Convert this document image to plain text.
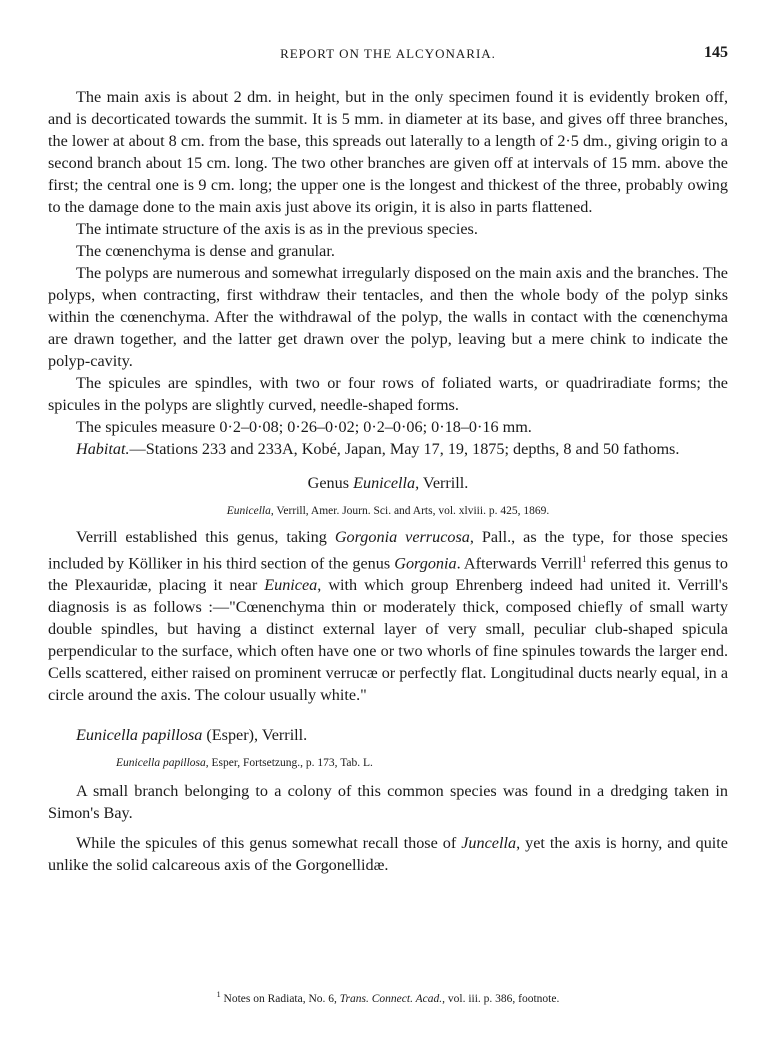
REPORT ON THE ALCYONARIA.	145

The main axis is about 2 dm. in height, but in the only specimen found it is evidently broken off, and is decorticated towards the summit. It is 5 mm. in diameter at its base, and gives off three branches, the lower at about 8 cm. from the base, this spreads out laterally to a length of 2·5 dm., giving origin to a second branch about 15 cm. long. The two other branches are given off at intervals of 15 mm. above the first; the central one is 9 cm. long; the upper one is the longest and thickest of the three, probably owing to the damage done to the main axis just above its origin, it is also in parts flattened.

The intimate structure of the axis is as in the previous species.

The cœnenchyma is dense and granular.

The polyps are numerous and somewhat irregularly disposed on the main axis and the branches. The polyps, when contracting, first withdraw their tentacles, and then the whole body of the polyp sinks within the cœnenchyma. After the withdrawal of the polyp, the walls in contact with the cœnenchyma are drawn together, and the latter get drawn over the polyp, leaving but a mere chink to indicate the polyp-cavity.

The spicules are spindles, with two or four rows of foliated warts, or quadriradiate forms; the spicules in the polyps are slightly curved, needle-shaped forms.

The spicules measure 0·2–0·08; 0·26–0·02; 0·2–0·06; 0·18–0·16 mm.

Habitat.—Stations 233 and 233A, Kobé, Japan, May 17, 19, 1875; depths, 8 and 50 fathoms.

Genus Eunicella, Verrill.

Eunicella, Verrill, Amer. Journ. Sci. and Arts, vol. xlviii. p. 425, 1869.

Verrill established this genus, taking Gorgonia verrucosa, Pall., as the type, for those species included by Kölliker in his third section of the genus Gorgonia. Afterwards Verrill$^1$ referred this genus to the Plexauridæ, placing it near Eunicea, with which group Ehrenberg indeed had united it. Verrill's diagnosis is as follows :—"Cœnenchyma thin or moderately thick, composed chiefly of small warty double spindles, but having a distinct external layer of very small, peculiar club-shaped spicula perpendicular to the surface, which often have one or two whorls of fine spinules towards the larger end. Cells scattered, either raised on prominent verrucæ or perfectly flat. Longitudinal ducts nearly equal, in a circle around the axis. The colour usually white."

Eunicella papillosa (Esper), Verrill.

Eunicella papillosa, Esper, Fortsetzung., p. 173, Tab. L.

A small branch belonging to a colony of this common species was found in a dredging taken in Simon's Bay.

While the spicules of this genus somewhat recall those of Juncella, yet the axis is horny, and quite unlike the solid calcareous axis of the Gorgonellidæ.

$^1$ Notes on Radiata, No. 6, Trans. Connect. Acad., vol. iii. p. 386, footnote.
